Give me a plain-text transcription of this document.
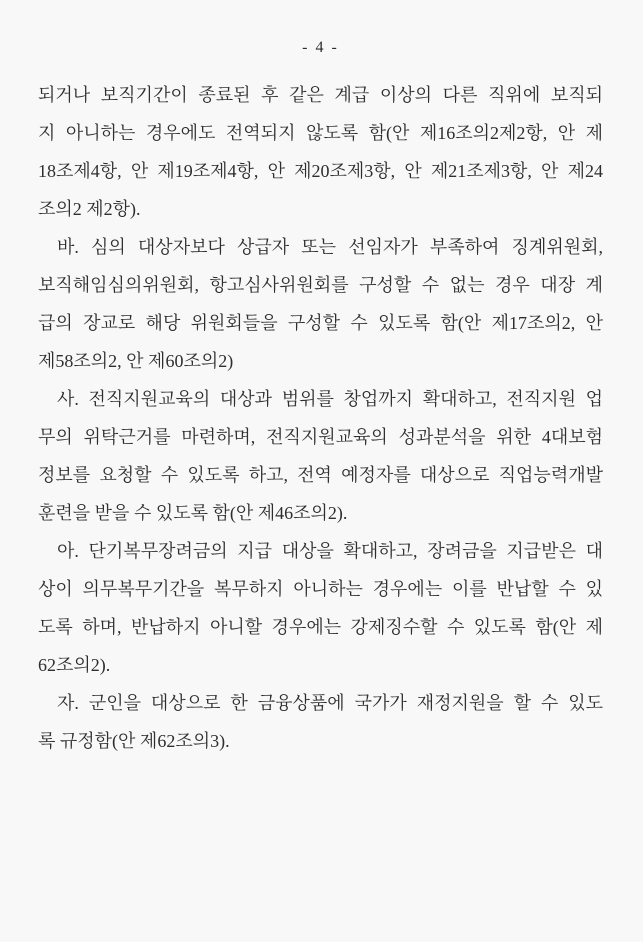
- 4 -
되거나 보직기간이 종료된 후 같은 계급 이상의 다른 직위에 보직되
지 아니하는 경우에도 전역되지 않도록 함(안 제16조의2제2항, 안 제
18조제4항, 안 제19조제4항, 안 제20조제3항, 안 제21조제3항, 안 제24
조의2 제2항).
바. 심의 대상자보다 상급자 또는 선임자가 부족하여 징계위원회,
보직해임심의위원회, 항고심사위원회를 구성할 수 없는 경우 대장 계
급의 장교로 해당 위원회들을 구성할 수 있도록 함(안 제17조의2, 안
제58조의2, 안 제60조의2)
사. 전직지원교육의 대상과 범위를 창업까지 확대하고, 전직지원 업
무의 위탁근거를 마련하며, 전직지원교육의 성과분석을 위한 4대보험
정보를 요청할 수 있도록 하고, 전역 예정자를 대상으로 직업능력개발
훈련을 받을 수 있도록 함(안 제46조의2).
아. 단기복무장려금의 지급 대상을 확대하고, 장려금을 지급받은 대
상이 의무복무기간을 복무하지 아니하는 경우에는 이를 반납할 수 있
도록 하며, 반납하지 아니할 경우에는 강제징수할 수 있도록 함(안 제
62조의2).
자. 군인을 대상으로 한 금융상품에 국가가 재정지원을 할 수 있도
록 규정함(안 제62조의3).
